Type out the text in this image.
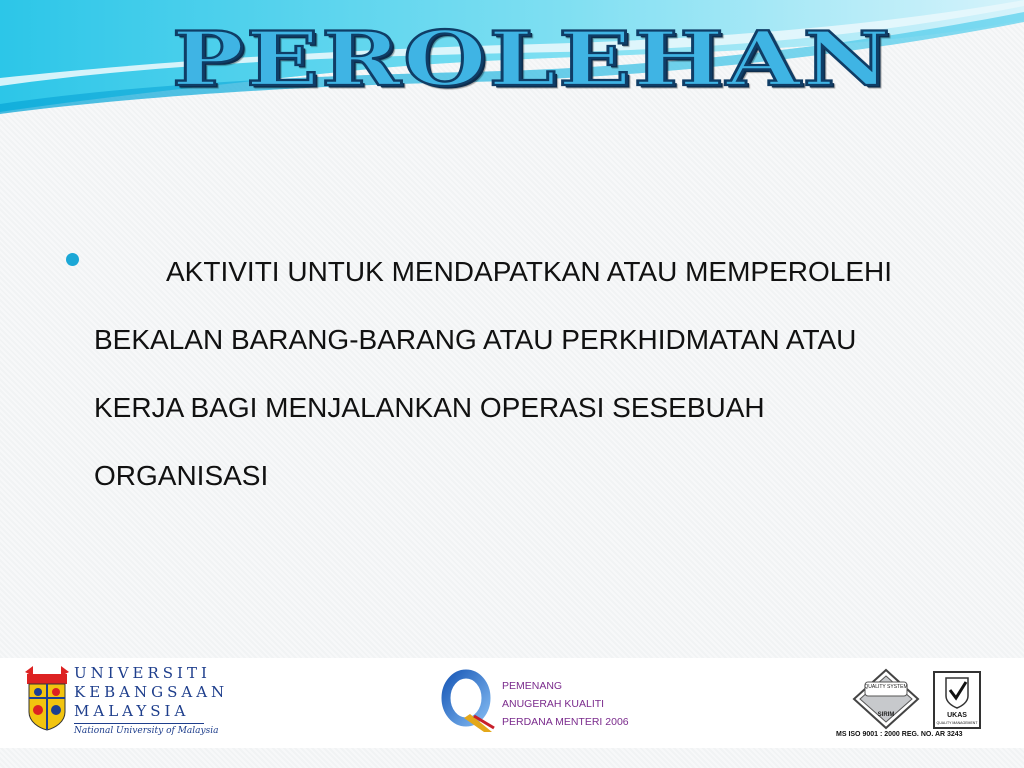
PEROLEHAN
AKTIVITI UNTUK MENDAPATKAN ATAU MEMPEROLEHI
BEKALAN BARANG-BARANG ATAU PERKHIDMATAN ATAU
KERJA BAGI MENJALANKAN OPERASI SESEBUAH
ORGANISASI
UNIVERSITI
KEBANGSAAN
MALAYSIA
National University of Malaysia
PEMENANG
ANUGERAH KUALITI
PERDANA MENTERI 2006
QUALITY SYSTEM
SIRIM	UKAS
QUALITY MANAGEMENT
MS ISO 9001 : 2000 REG. NO. AR 3243
